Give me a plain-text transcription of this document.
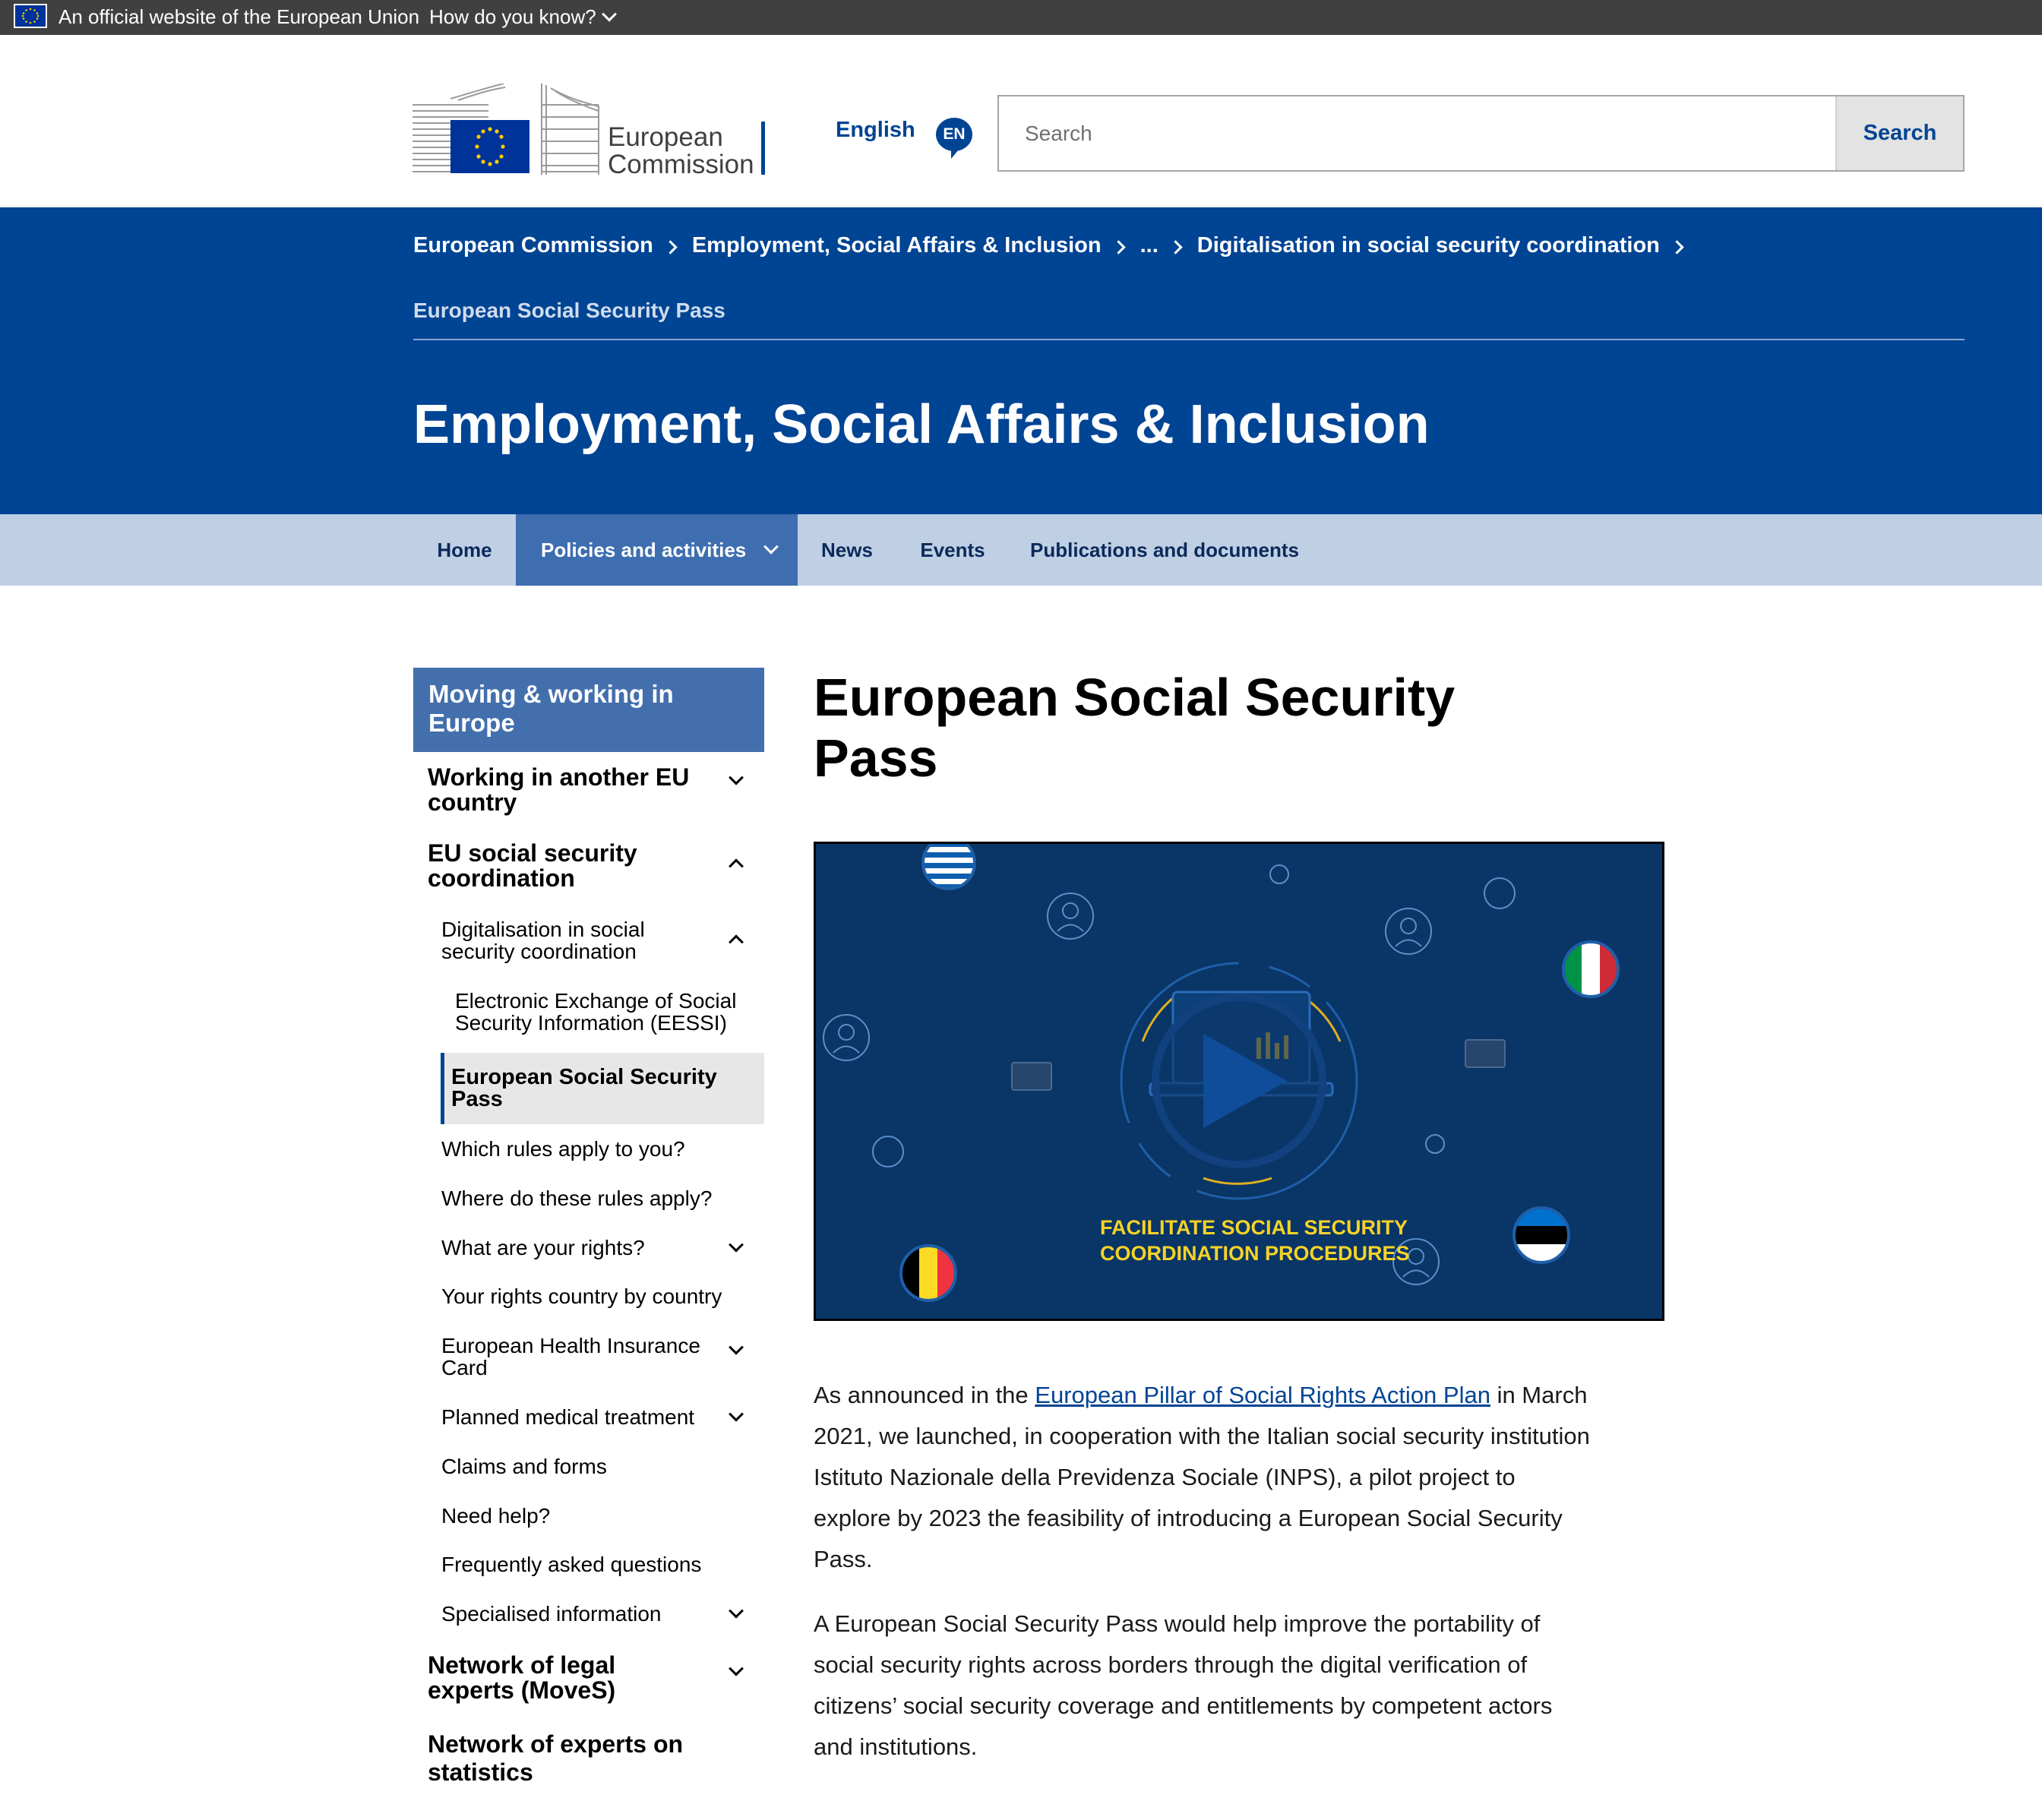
An official website of the European Union How do you know?
European
Commission
English	EN
Search	Search
European Commission Employment, Social Affairs & Inclusion ... Digitalisation in social security coordination
European Social Security Pass
Employment, Social Affairs & Inclusion
Home	Policies and activities	News	Events	Publications and documents
Moving & working in Europe
Working in another EU country
EU social security coordination
Digitalisation in social security coordination
Electronic Exchange of Social Security Information (EESSI)
European Social Security Pass
Which rules apply to you?
Where do these rules apply?
What are your rights?
Your rights country by country
European Health Insurance Card
Planned medical treatment
Claims and forms
Need help?
Frequently asked questions
Specialised information
Network of legal experts (MoveS)
Network of experts on statistics
European Social Security Pass
FACILITATE SOCIAL SECURITY
COORDINATION PROCEDURES

As announced in the European Pillar of Social Rights Action Plan in March 2021, we launched, in cooperation with the Italian social security institution Istituto Nazionale della Previdenza Sociale (INPS), a pilot project to explore by 2023 the feasibility of introducing a European Social Security Pass.

A European Social Security Pass would help improve the portability of social security rights across borders through the digital verification of citizens’ social security coverage and entitlements by competent actors and institutions.
